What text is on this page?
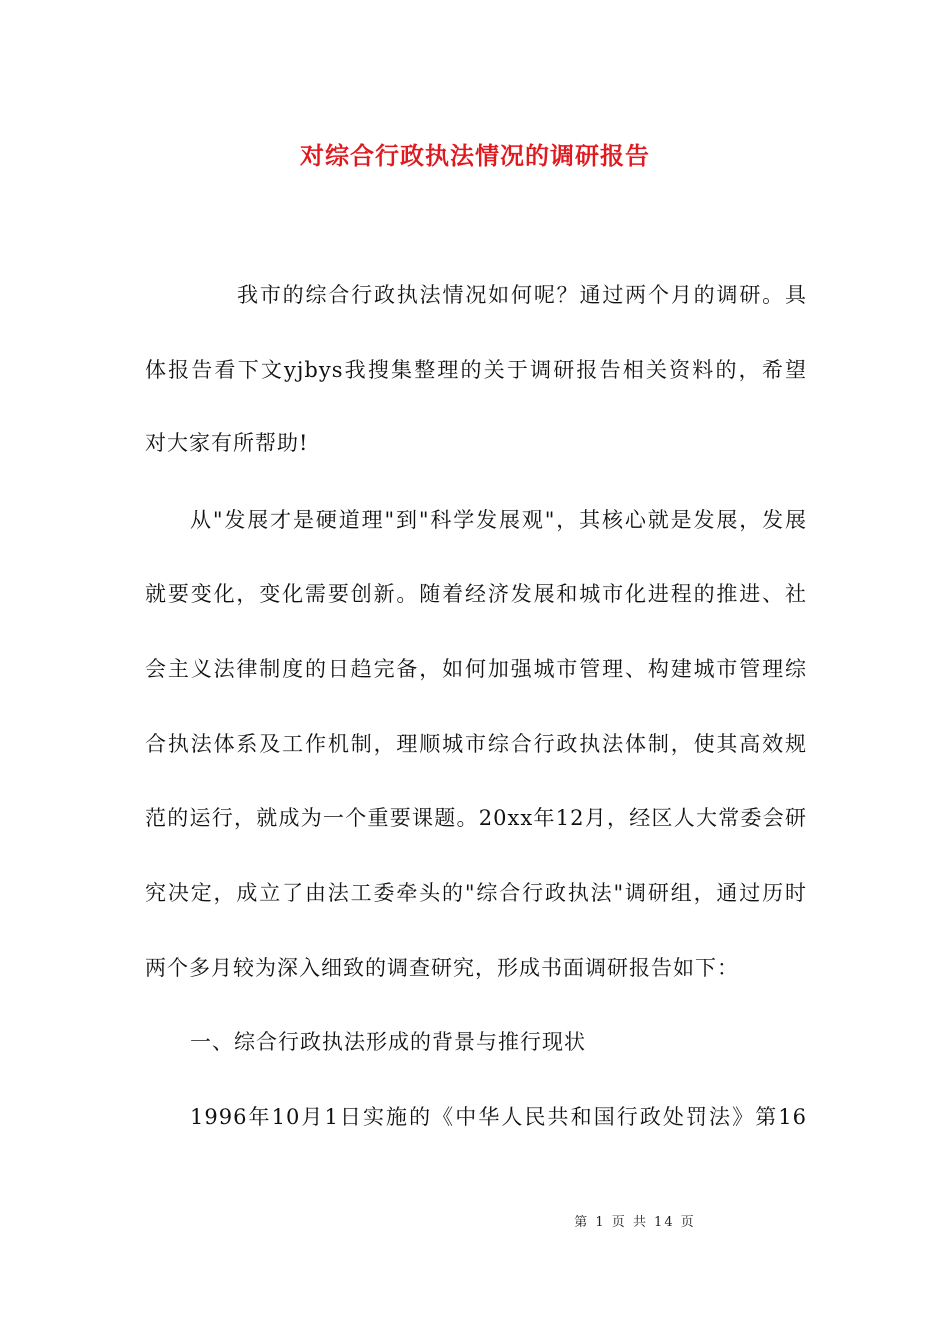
对综合行政执法情况的调研报告
我市的综合行政执法情况如何呢？通过两个月的调研。具
体报告看下文yjbys我搜集整理的关于调研报告相关资料的，希望
对大家有所帮助!
从"发展才是硬道理"到"科学发展观"，其核心就是发展，发展
就要变化，变化需要创新。随着经济发展和城市化进程的推进、社
会主义法律制度的日趋完备，如何加强城市管理、构建城市管理综
合执法体系及工作机制，理顺城市综合行政执法体制，使其高效规
范的运行，就成为一个重要课题。20xx年12月，经区人大常委会研
究决定，成立了由法工委牵头的"综合行政执法"调研组，通过历时
两个多月较为深入细致的调查研究，形成书面调研报告如下：
一、综合行政执法形成的背景与推行现状
1996年10月1日实施的《中华人民共和国行政处罚法》第16
第 1 页 共 14 页
